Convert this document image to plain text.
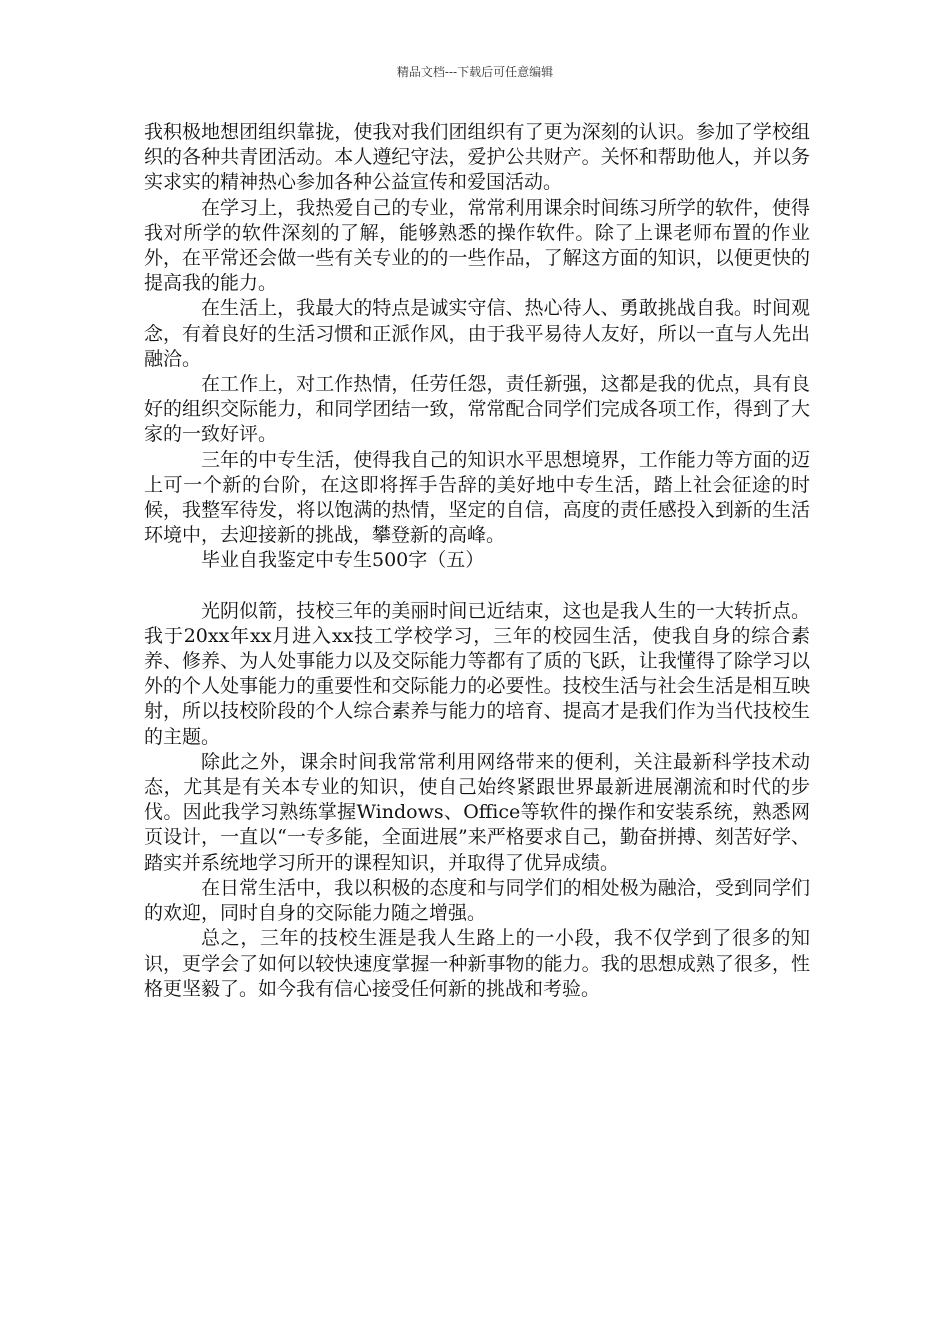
精品文档---下载后可任意编辑

我积极地想团组织靠拢，使我对我们团组织有了更为深刻的认识。参加了学校组织的各种共青团活动。本人遵纪守法，爱护公共财产。关怀和帮助他人，并以务实求实的精神热心参加各种公益宣传和爱国活动。

在学习上，我热爱自己的专业，常常利用课余时间练习所学的软件，使得我对所学的软件深刻的了解，能够熟悉的操作软件。除了上课老师布置的作业外，在平常还会做一些有关专业的的一些作品，了解这方面的知识，以便更快的提高我的能力。

在生活上，我最大的特点是诚实守信、热心待人、勇敢挑战自我。时间观念，有着良好的生活习惯和正派作风，由于我平易待人友好，所以一直与人先出融洽。

在工作上，对工作热情，任劳任怨，责任新强，这都是我的优点，具有良好的组织交际能力，和同学团结一致，常常配合同学们完成各项工作，得到了大家的一致好评。

三年的中专生活，使得我自己的知识水平思想境界，工作能力等方面的迈上可一个新的台阶，在这即将挥手告辞的美好地中专生活，踏上社会征途的时候，我整军待发，将以饱满的热情，坚定的自信，高度的责任感投入到新的生活环境中，去迎接新的挑战，攀登新的高峰。

毕业自我鉴定中专生500字（五）

光阴似箭，技校三年的美丽时间已近结束，这也是我人生的一大转折点。我于20xx年xx月进入xx技工学校学习，三年的校园生活，使我自身的综合素养、修养、为人处事能力以及交际能力等都有了质的飞跃，让我懂得了除学习以外的个人处事能力的重要性和交际能力的必要性。技校生活与社会生活是相互映射，所以技校阶段的个人综合素养与能力的培育、提高才是我们作为当代技校生的主题。

除此之外，课余时间我常常利用网络带来的便利，关注最新科学技术动态，尤其是有关本专业的知识，使自己始终紧跟世界最新进展潮流和时代的步伐。因此我学习熟练掌握Windows、Office等软件的操作和安装系统，熟悉网页设计，一直以“一专多能，全面进展”来严格要求自己，勤奋拼搏、刻苦好学、踏实并系统地学习所开的课程知识，并取得了优异成绩。

在日常生活中，我以积极的态度和与同学们的相处极为融洽，受到同学们的欢迎，同时自身的交际能力随之增强。

总之，三年的技校生涯是我人生路上的一小段，我不仅学到了很多的知识，更学会了如何以较快速度掌握一种新事物的能力。我的思想成熟了很多，性格更坚毅了。如今我有信心接受任何新的挑战和考验。
